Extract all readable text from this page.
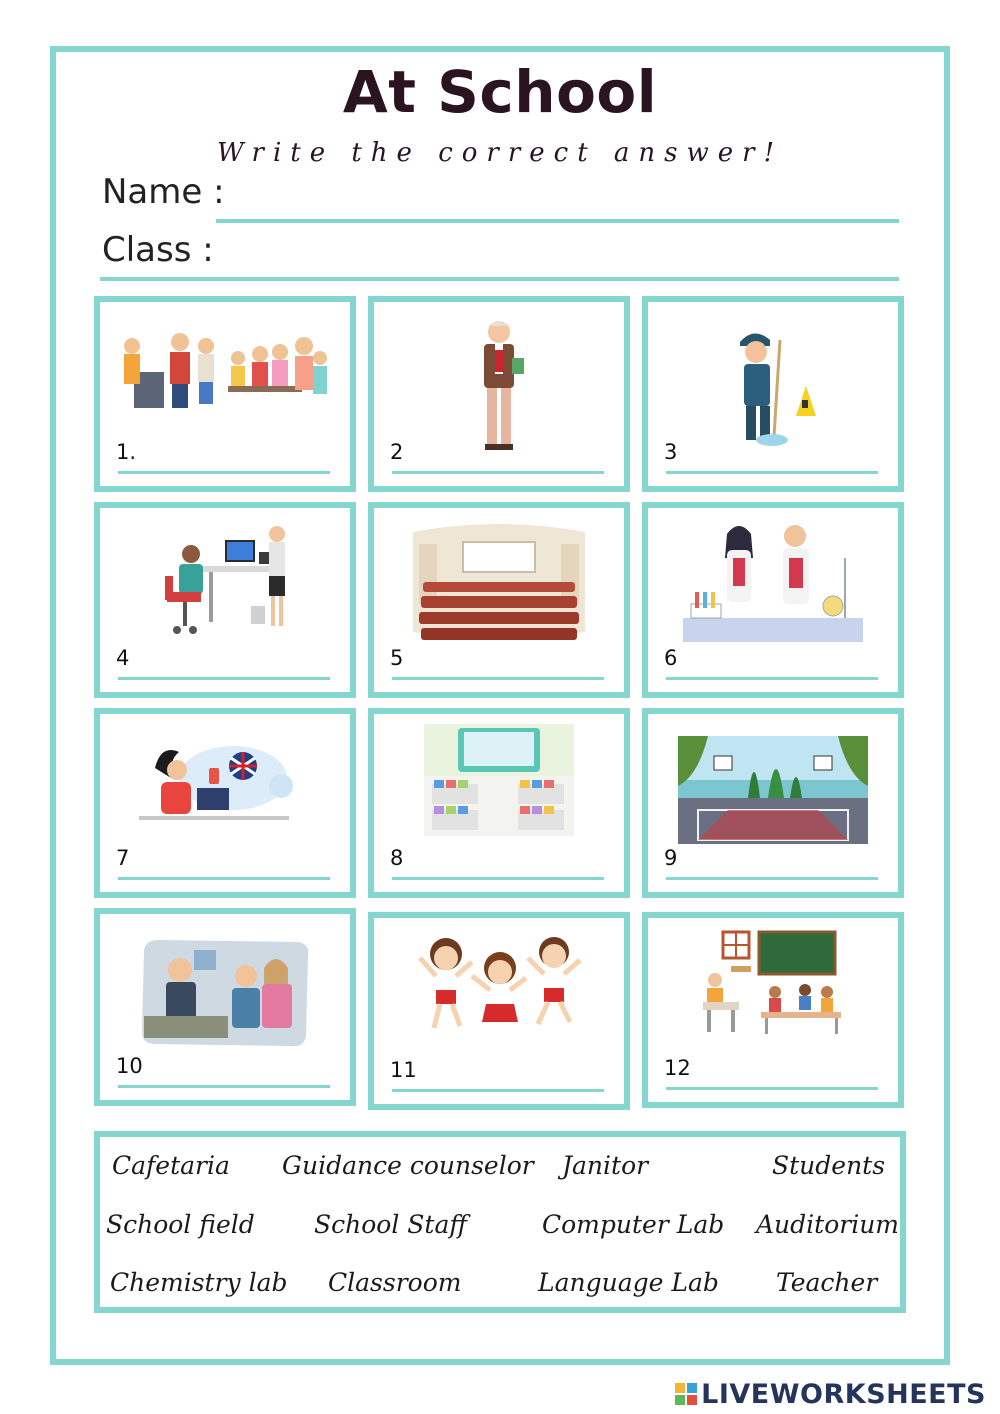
At School
Write the correct answer!
Name :
Class :
1.	2	3
4	5	6
7	8	9
10	11	12
Cafetaria Guidance counselor Janitor	Students
School field School Staff	Computer Lab Auditorium
Chemistry lab Classroom	Language Lab Teacher
LIVEWORKSHEETS
